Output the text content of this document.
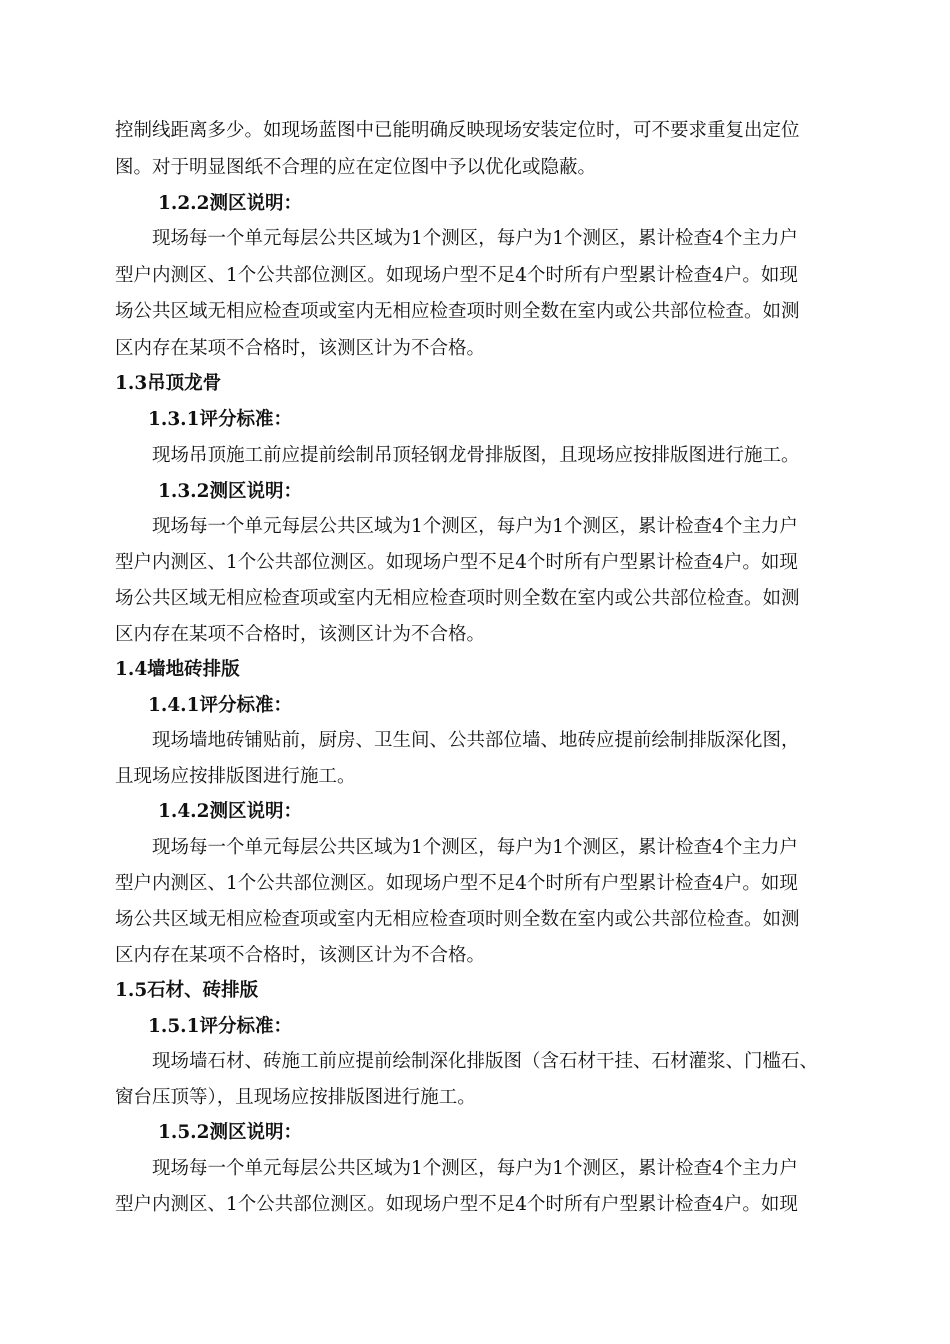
控制线距离多少。如现场蓝图中已能明确反映现场安装定位时，可不要求重复出定位
图。对于明显图纸不合理的应在定位图中予以优化或隐蔽。
1.2.2测区说明：
现场每一个单元每层公共区域为1个测区，每户为1个测区，累计检查4个主力户
型户内测区、1个公共部位测区。如现场户型不足4个时所有户型累计检查4户。如现
场公共区域无相应检查项或室内无相应检查项时则全数在室内或公共部位检查。如测
区内存在某项不合格时，该测区计为不合格。
1.3吊顶龙骨
1.3.1评分标准：
现场吊顶施工前应提前绘制吊顶轻钢龙骨排版图，且现场应按排版图进行施工。
1.3.2测区说明：
现场每一个单元每层公共区域为1个测区，每户为1个测区，累计检查4个主力户
型户内测区、1个公共部位测区。如现场户型不足4个时所有户型累计检查4户。如现
场公共区域无相应检查项或室内无相应检查项时则全数在室内或公共部位检查。如测
区内存在某项不合格时，该测区计为不合格。
1.4墙地砖排版
1.4.1评分标准：
现场墙地砖铺贴前，厨房、卫生间、公共部位墙、地砖应提前绘制排版深化图，
且现场应按排版图进行施工。
1.4.2测区说明：
现场每一个单元每层公共区域为1个测区，每户为1个测区，累计检查4个主力户
型户内测区、1个公共部位测区。如现场户型不足4个时所有户型累计检查4户。如现
场公共区域无相应检查项或室内无相应检查项时则全数在室内或公共部位检查。如测
区内存在某项不合格时，该测区计为不合格。
1.5石材、砖排版
1.5.1评分标准：
现场墙石材、砖施工前应提前绘制深化排版图（含石材干挂、石材灌浆、门槛石、
窗台压顶等），且现场应按排版图进行施工。
1.5.2测区说明：
现场每一个单元每层公共区域为1个测区，每户为1个测区，累计检查4个主力户
型户内测区、1个公共部位测区。如现场户型不足4个时所有户型累计检查4户。如现
